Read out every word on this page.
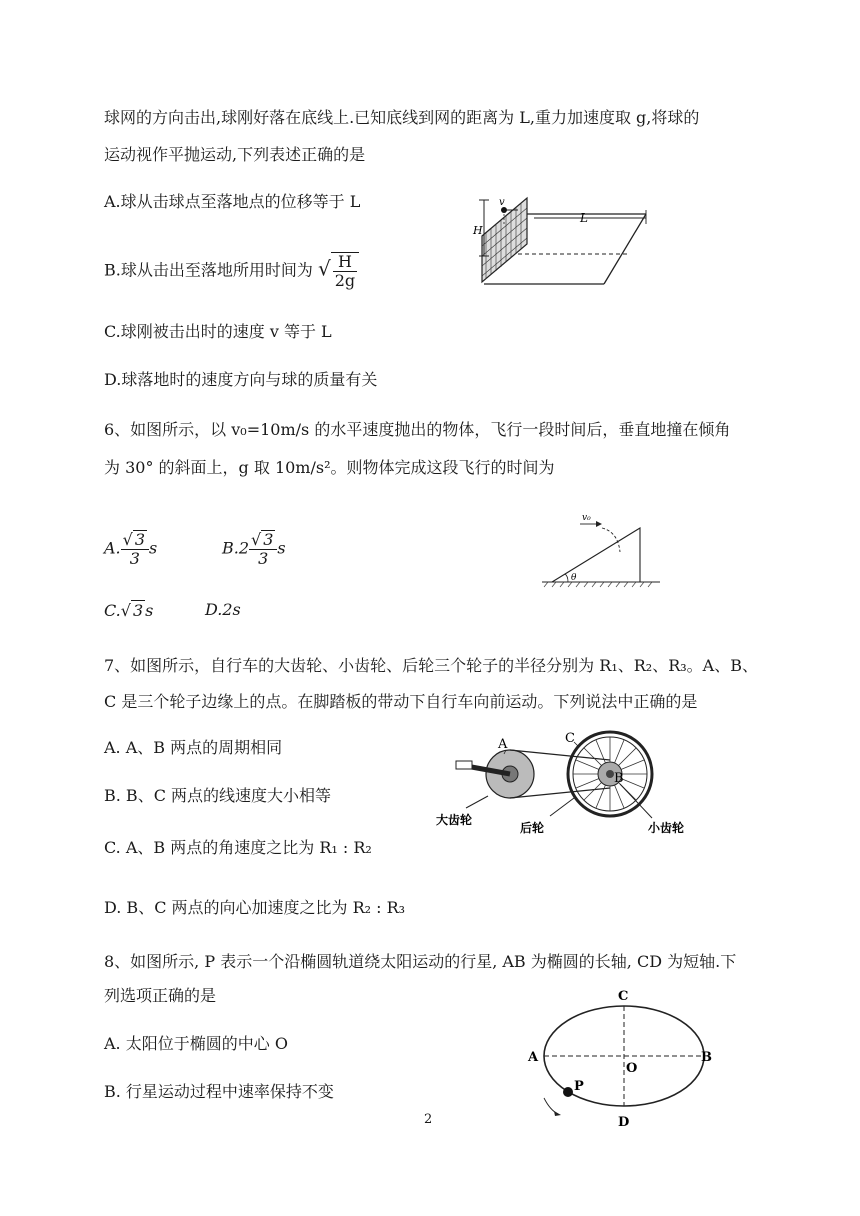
球网的方向击出,球刚好落在底线上.已知底线到网的距离为 L,重力加速度取 g,将球的
运动视作平抛运动,下列表述正确的是
A.球从击球点至落地点的位移等于 L
B.球从击出至落地所用时间为 √ $\frac{H}{2g}$
C.球刚被击出时的速度 v 等于 L
D.球落地时的速度方向与球的质量有关
H
v
L
6、如图所示，以 v₀=10m/s 的水平速度抛出的物体，飞行一段时间后，垂直地撞在倾角
为 30° 的斜面上，g 取 10m/s²。则物体完成这段飞行的时间为
A. $\frac{√ 3}{3}$ s	$B.2 \frac{√ 3}{3}$ s
C.√ 3 s	D.2s
v₀
θ
7、如图所示，自行车的大齿轮、小齿轮、后轮三个轮子的半径分别为 R₁、R₂、R₃。A、B、
C 是三个轮子边缘上的点。在脚踏板的带动下自行车向前运动。下列说法中正确的是
A. A、B 两点的周期相同
B. B、C 两点的线速度大小相等
C. A、B 两点的角速度之比为 R₁ : R₂
D. B、C 两点的向心加速度之比为 R₂ : R₃
A	C
B
大齿轮
后轮	小齿轮
8、如图所示, P 表示一个沿椭圆轨道绕太阳运动的行星, AB 为椭圆的长轴, CD 为短轴.下
列选项正确的是
A. 太阳位于椭圆的中心 O
B. 行星运动过程中速率保持不变
C
D
A	B
O
P
2
